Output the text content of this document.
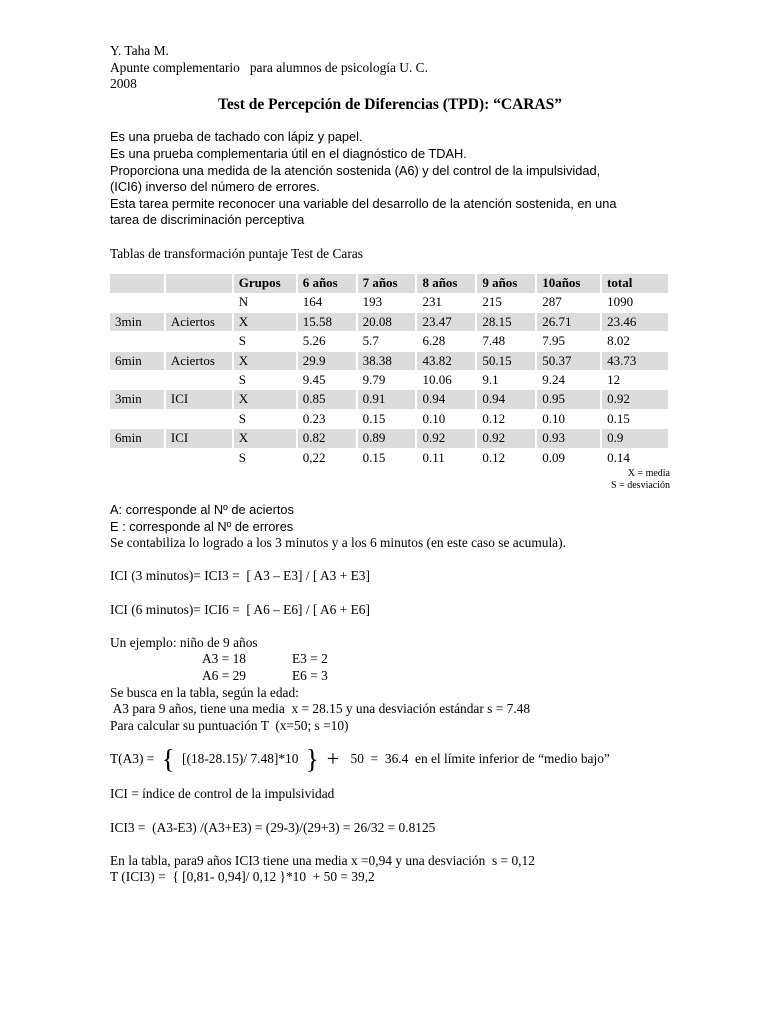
Y. Taha M.
Apunte complementario   para alumnos de psicología U. C.
2008
Test de Percepción de Diferencias (TPD): “CARAS”
Es una prueba de tachado con lápiz y papel.
Es una prueba complementaria útil en el diagnóstico de TDAH.
Proporciona una medida de la atención sostenida (A6) y del control de la impulsividad,
(ICI6) inverso del número de errores.
Esta tarea permite reconocer una variable del desarrollo de la atención sostenida, en una
tarea de discriminación perceptiva
Tablas de transformación puntaje Test de Caras
		Grupos	6 años	7 años	8 años	9 años	10años	total
		N	164	193	231	215	287	1090
3min	Aciertos	X	15.58	20.08	23.47	28.15	26.71	23.46
		S	5.26	5.7	6.28	7.48	7.95	8.02
6min	Aciertos	X	29.9	38.38	43.82	50.15	50.37	43.73
		S	9.45	9.79	10.06	9.1	9.24	12
3min	ICI	X	0.85	0.91	0.94	0.94	0.95	0.92
		S	0.23	0.15	0.10	0.12	0.10	0.15
6min	ICI	X	0.82	0.89	0.92	0.92	0.93	0.9
		S	0,22	0.15	0.11	0.12	0.09	0.14
X = media
S = desviación
A: corresponde al Nº de aciertos
E : corresponde al Nº de errores
Se contabiliza lo logrado a los 3 minutos y a los 6 minutos (en este caso se acumula).
ICI (3 minutos)= ICI3 =  [ A3 – E3] / [ A3 + E3]
ICI (6 minutos)= ICI6 =  [ A6 – E6] / [ A6 + E6]
Un ejemplo: niño de 9 años
A3 = 18	E3 = 2
A6 = 29	E6 = 3
Se busca en la tabla, según la edad:
A3 para 9 años, tiene una media  x = 28.15 y una desviación estándar s = 7.48
Para calcular su puntuación T  (x=50; s =10)
T(A3) = { [(18-28.15)/ 7.48]*10 } + 50  =  36.4  en el límite inferior de “medio bajo”
ICI = índice de control de la impulsividad
ICI3 =  (A3-E3) /(A3+E3) = (29-3)/(29+3) = 26/32 = 0.8125
En la tabla, para9 años ICI3 tiene una media x =0,94 y una desviación  s = 0,12
T (ICI3) =  { [0,81- 0,94]/ 0,12 }*10  + 50 = 39,2
